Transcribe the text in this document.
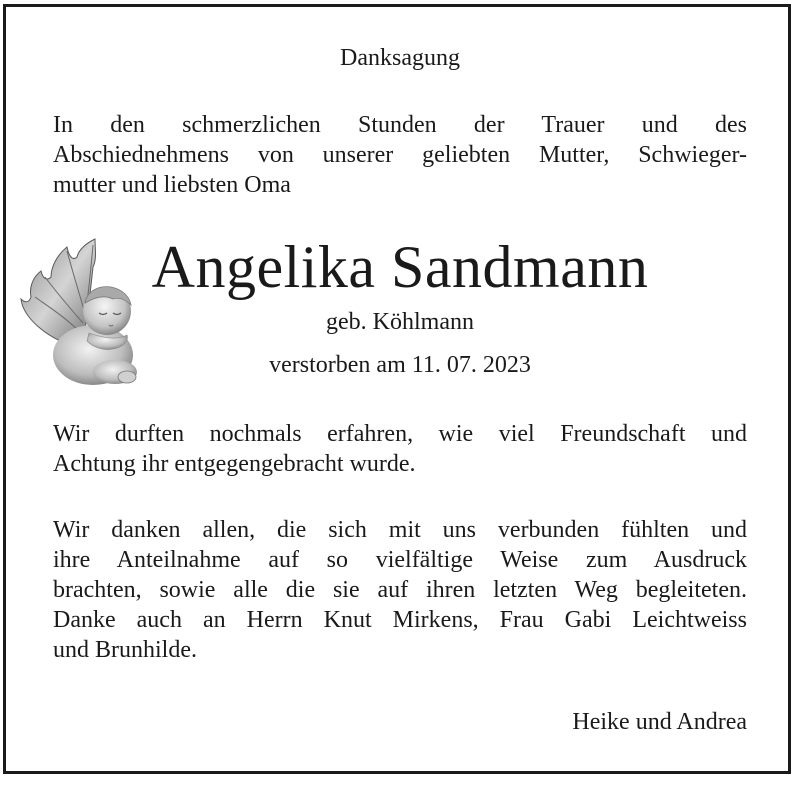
Danksagung
In den schmerzlichen Stunden der Trauer und des
Abschiednehmens von unserer geliebten Mutter, Schwieger-
mutter und liebsten Oma
Angelika Sandmann
geb. Köhlmann
verstorben am 11. 07. 2023
Wir durften nochmals erfahren, wie viel Freundschaft und
Achtung ihr entgegengebracht wurde.
Wir danken allen, die sich mit uns verbunden fühlten und
ihre Anteilnahme auf so vielfältige Weise zum Ausdruck
brachten, sowie alle die sie auf ihren letzten Weg begleiteten.
Danke auch an Herrn Knut Mirkens, Frau Gabi Leichtweiss
und Brunhilde.
Heike und Andrea
